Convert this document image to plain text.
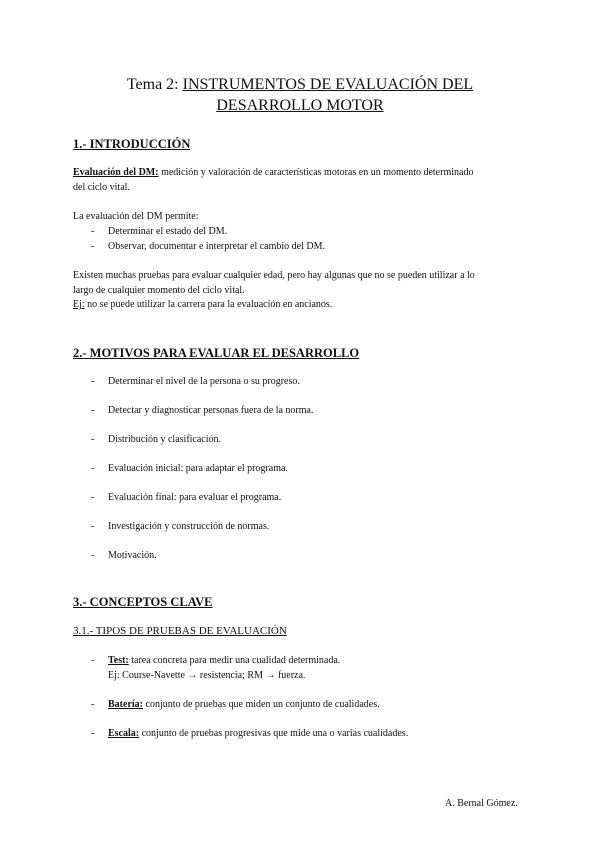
Tema 2: INSTRUMENTOS DE EVALUACIÓN DEL
DESARROLLO MOTOR
1.- INTRODUCCIÓN
Evaluación del DM: medición y valoración de características motoras en un momento determinado
del ciclo vital.
La evaluación del DM permite:
- Determinar el estado del DM.
- Observar, documentar e interpretar el cambio del DM.
Existen muchas pruebas para evaluar cualquier edad, pero hay algunas que no se pueden utilizar a lo
largo de cualquier momento del ciclo vital.
Ej: no se puede utilizar la carrera para la evaluación en ancianos.
2.- MOTIVOS PARA EVALUAR EL DESARROLLO
- Determinar el nivel de la persona o su progreso.
- Detectar y diagnosticar personas fuera de la norma.
- Distribución y clasificación.
- Evaluación inicial: para adaptar el programa.
- Evaluación final: para evaluar el programa.
- Investigación y construcción de normas.
- Motivación.
3.- CONCEPTOS CLAVE
3.1.- TIPOS DE PRUEBAS DE EVALUACIÓN
- Test: tarea concreta para medir una cualidad determinada.
Ej: Course-Navette → resistencia; RM → fuerza.
- Batería: conjunto de pruebas que miden un conjunto de cualidades.
- Escala: conjunto de pruebas progresivas que mide una o varias cualidades.
A. Bernal Gómez.
